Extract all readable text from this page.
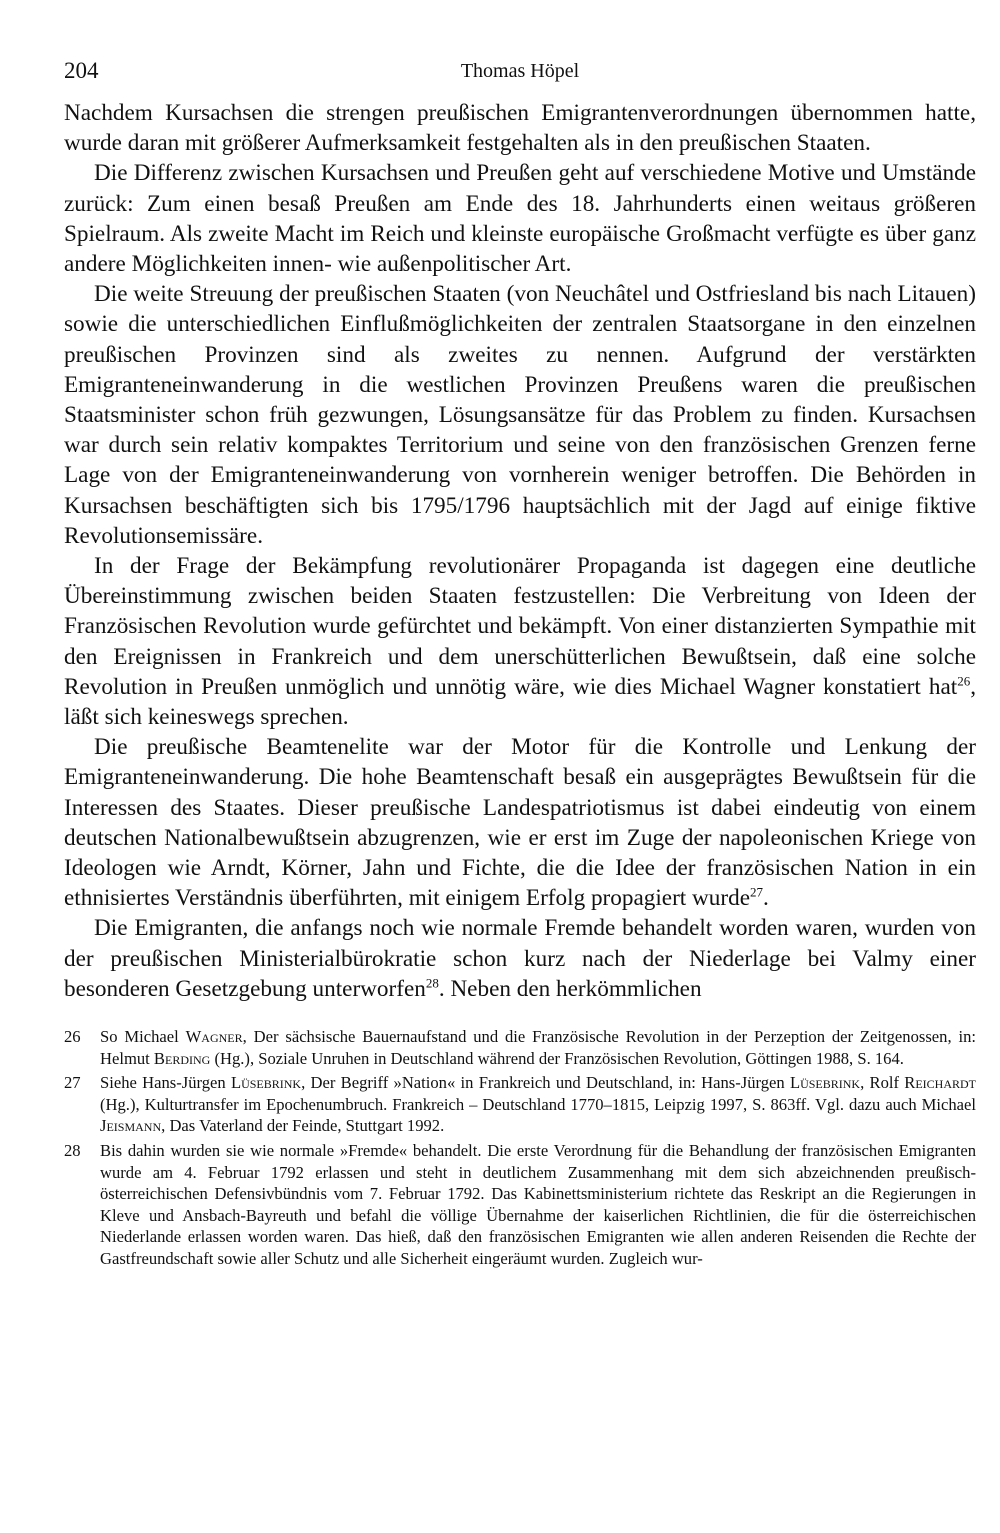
204	Thomas Höpel

Nachdem Kursachsen die strengen preußischen Emigrantenverordnungen übernommen hatte, wurde daran mit größerer Aufmerksamkeit festgehalten als in den preußischen Staaten.

Die Differenz zwischen Kursachsen und Preußen geht auf verschiedene Motive und Umstände zurück: Zum einen besaß Preußen am Ende des 18. Jahrhunderts einen weitaus größeren Spielraum. Als zweite Macht im Reich und kleinste europäische Großmacht verfügte es über ganz andere Möglichkeiten innen- wie außenpolitischer Art.

Die weite Streuung der preußischen Staaten (von Neuchâtel und Ostfriesland bis nach Litauen) sowie die unterschiedlichen Einflußmöglichkeiten der zentralen Staatsorgane in den einzelnen preußischen Provinzen sind als zweites zu nennen. Aufgrund der verstärkten Emigranteneinwanderung in die westlichen Provinzen Preußens waren die preußischen Staatsminister schon früh gezwungen, Lösungsansätze für das Problem zu finden. Kursachsen war durch sein relativ kompaktes Territorium und seine von den französischen Grenzen ferne Lage von der Emigranteneinwanderung von vornherein weniger betroffen. Die Behörden in Kursachsen beschäftigten sich bis 1795/1796 hauptsächlich mit der Jagd auf einige fiktive Revolutionsemissäre.

In der Frage der Bekämpfung revolutionärer Propaganda ist dagegen eine deutliche Übereinstimmung zwischen beiden Staaten festzustellen: Die Verbreitung von Ideen der Französischen Revolution wurde gefürchtet und bekämpft. Von einer distanzierten Sympathie mit den Ereignissen in Frankreich und dem unerschütterlichen Bewußtsein, daß eine solche Revolution in Preußen unmöglich und unnötig wäre, wie dies Michael Wagner konstatiert hat$^{26}$, läßt sich keineswegs sprechen.

Die preußische Beamtenelite war der Motor für die Kontrolle und Lenkung der Emigranteneinwanderung. Die hohe Beamtenschaft besaß ein ausgeprägtes Bewußtsein für die Interessen des Staates. Dieser preußische Landespatriotismus ist dabei eindeutig von einem deutschen Nationalbewußtsein abzugrenzen, wie er erst im Zuge der napoleonischen Kriege von Ideologen wie Arndt, Körner, Jahn und Fichte, die die Idee der französischen Nation in ein ethnisiertes Verständnis überführten, mit einigem Erfolg propagiert wurde$^{27}$.

Die Emigranten, die anfangs noch wie normale Fremde behandelt worden waren, wurden von der preußischen Ministerialbürokratie schon kurz nach der Niederlage bei Valmy einer besonderen Gesetzgebung unterworfen$^{28}$. Neben den herkömmlichen

26 So Michael Wagner, Der sächsische Bauernaufstand und die Französische Revolution in der Perzeption der Zeitgenossen, in: Helmut Berding (Hg.), Soziale Unruhen in Deutschland während der Französischen Revolution, Göttingen 1988, S. 164.
27 Siehe Hans-Jürgen Lüsebrink, Der Begriff »Nation« in Frankreich und Deutschland, in: Hans-Jürgen Lüsebrink, Rolf Reichardt (Hg.), Kulturtransfer im Epochenumbruch. Frankreich – Deutschland 1770–1815, Leipzig 1997, S. 863ff. Vgl. dazu auch Michael Jeismann, Das Vaterland der Feinde, Stuttgart 1992.
28 Bis dahin wurden sie wie normale »Fremde« behandelt. Die erste Verordnung für die Behandlung der französischen Emigranten wurde am 4. Februar 1792 erlassen und steht in deutlichem Zusammenhang mit dem sich abzeichnenden preußisch-österreichischen Defensivbündnis vom 7. Februar 1792. Das Kabinettsministerium richtete das Reskript an die Regierungen in Kleve und Ansbach-Bayreuth und befahl die völlige Übernahme der kaiserlichen Richtlinien, die für die österreichischen Niederlande erlassen worden waren. Das hieß, daß den französischen Emigranten wie allen anderen Reisenden die Rechte der Gastfreundschaft sowie aller Schutz und alle Sicherheit eingeräumt wurden. Zugleich wur-
